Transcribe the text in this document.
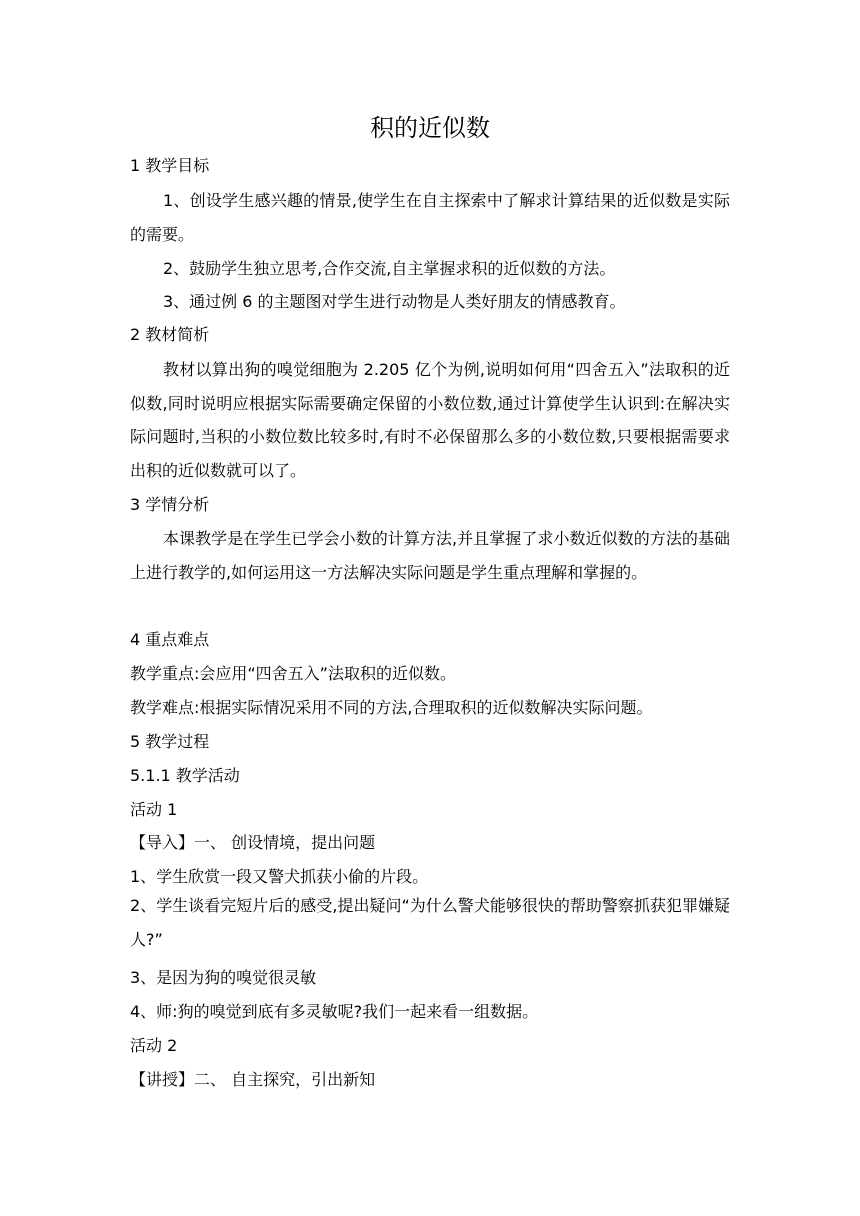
积的近似数
1 教学目标

1、创设学生感兴趣的情景,使学生在自主探索中了解求计算结果的近似数是实际的需要。

2、鼓励学生独立思考,合作交流,自主掌握求积的近似数的方法。
3、通过例 6 的主题图对学生进行动物是人类好朋友的情感教育。
2 教材简析

教材以算出狗的嗅觉细胞为 2.205 亿个为例,说明如何用“四舍五入”法取积的近似数,同时说明应根据实际需要确定保留的小数位数,通过计算使学生认识到:在解决实际问题时,当积的小数位数比较多时,有时不必保留那么多的小数位数,只要根据需要求出积的近似数就可以了。

3 学情分析

本课教学是在学生已学会小数的计算方法,并且掌握了求小数近似数的方法的基础上进行教学的,如何运用这一方法解决实际问题是学生重点理解和掌握的。

4 重点难点
教学重点:会应用“四舍五入”法取积的近似数。
教学难点:根据实际情况采用不同的方法,合理取积的近似数解决实际问题。
5 教学过程
5.1.1 教学活动
活动 1
【导入】一、 创设情境，提出问题
1、学生欣赏一段又警犬抓获小偷的片段。

2、学生谈看完短片后的感受,提出疑问“为什么警犬能够很快的帮助警察抓获犯罪嫌疑人?”

3、是因为狗的嗅觉很灵敏
4、师:狗的嗅觉到底有多灵敏呢?我们一起来看一组数据。
活动 2
【讲授】二、 自主探究，引出新知
